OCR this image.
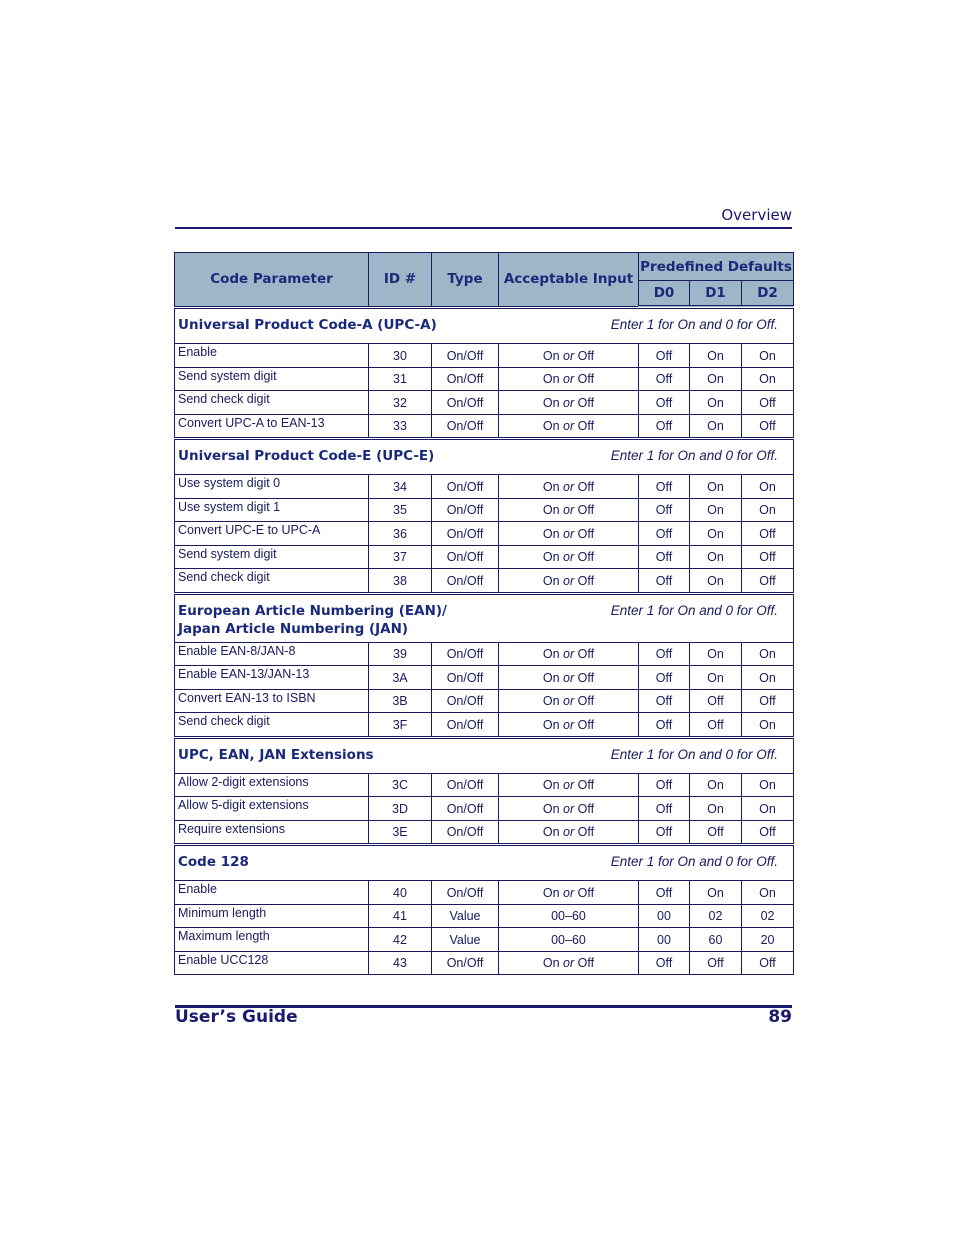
Overview
Code Parameter	ID #	Type	Acceptable Input	Predefined Defaults		
				D0	D1	D2

Universal Product Code-A (UPC-A) Enter 1 for On and 0 for Off.						

Enable	30	On/Off	On or Off	Off	On	On
Send system digit	31	On/Off	On or Off	Off	On	On
Send check digit	32	On/Off	On or Off	Off	On	Off
Convert UPC-A to EAN-13	33	On/Off	On or Off	Off	On	Off

Universal Product Code-E (UPC-E) Enter 1 for On and 0 for Off.						

Use system digit 0	34	On/Off	On or Off	Off	On	On
Use system digit 1	35	On/Off	On or Off	Off	On	On
Convert UPC-E to UPC-A	36	On/Off	On or Off	Off	On	Off
Send system digit	37	On/Off	On or Off	Off	On	Off
Send check digit	38	On/Off	On or Off	Off	On	Off

European Article Numbering (EAN)/
Japan Article Numbering (JAN)
Enter 1 for On and 0 for Off.						

Enable EAN-8/JAN-8	39	On/Off	On or Off	Off	On	On
Enable EAN-13/JAN-13	3A	On/Off	On or Off	Off	On	On
Convert EAN-13 to ISBN	3B	On/Off	On or Off	Off	Off	Off
Send check digit	3F	On/Off	On or Off	Off	Off	On

UPC, EAN, JAN Extensions Enter 1 for On and 0 for Off.						

Allow 2-digit extensions	3C	On/Off	On or Off	Off	On	On
Allow 5-digit extensions	3D	On/Off	On or Off	Off	On	On
Require extensions	3E	On/Off	On or Off	Off	Off	Off

Code 128 Enter 1 for On and 0 for Off.						

Enable	40	On/Off	On or Off	Off	On	On
Minimum length	41	Value	00–60	00	02	02
Maximum length	42	Value	00–60	00	60	20
Enable UCC128	43	On/Off	On or Off	Off	Off	Off
User’s Guide	89
